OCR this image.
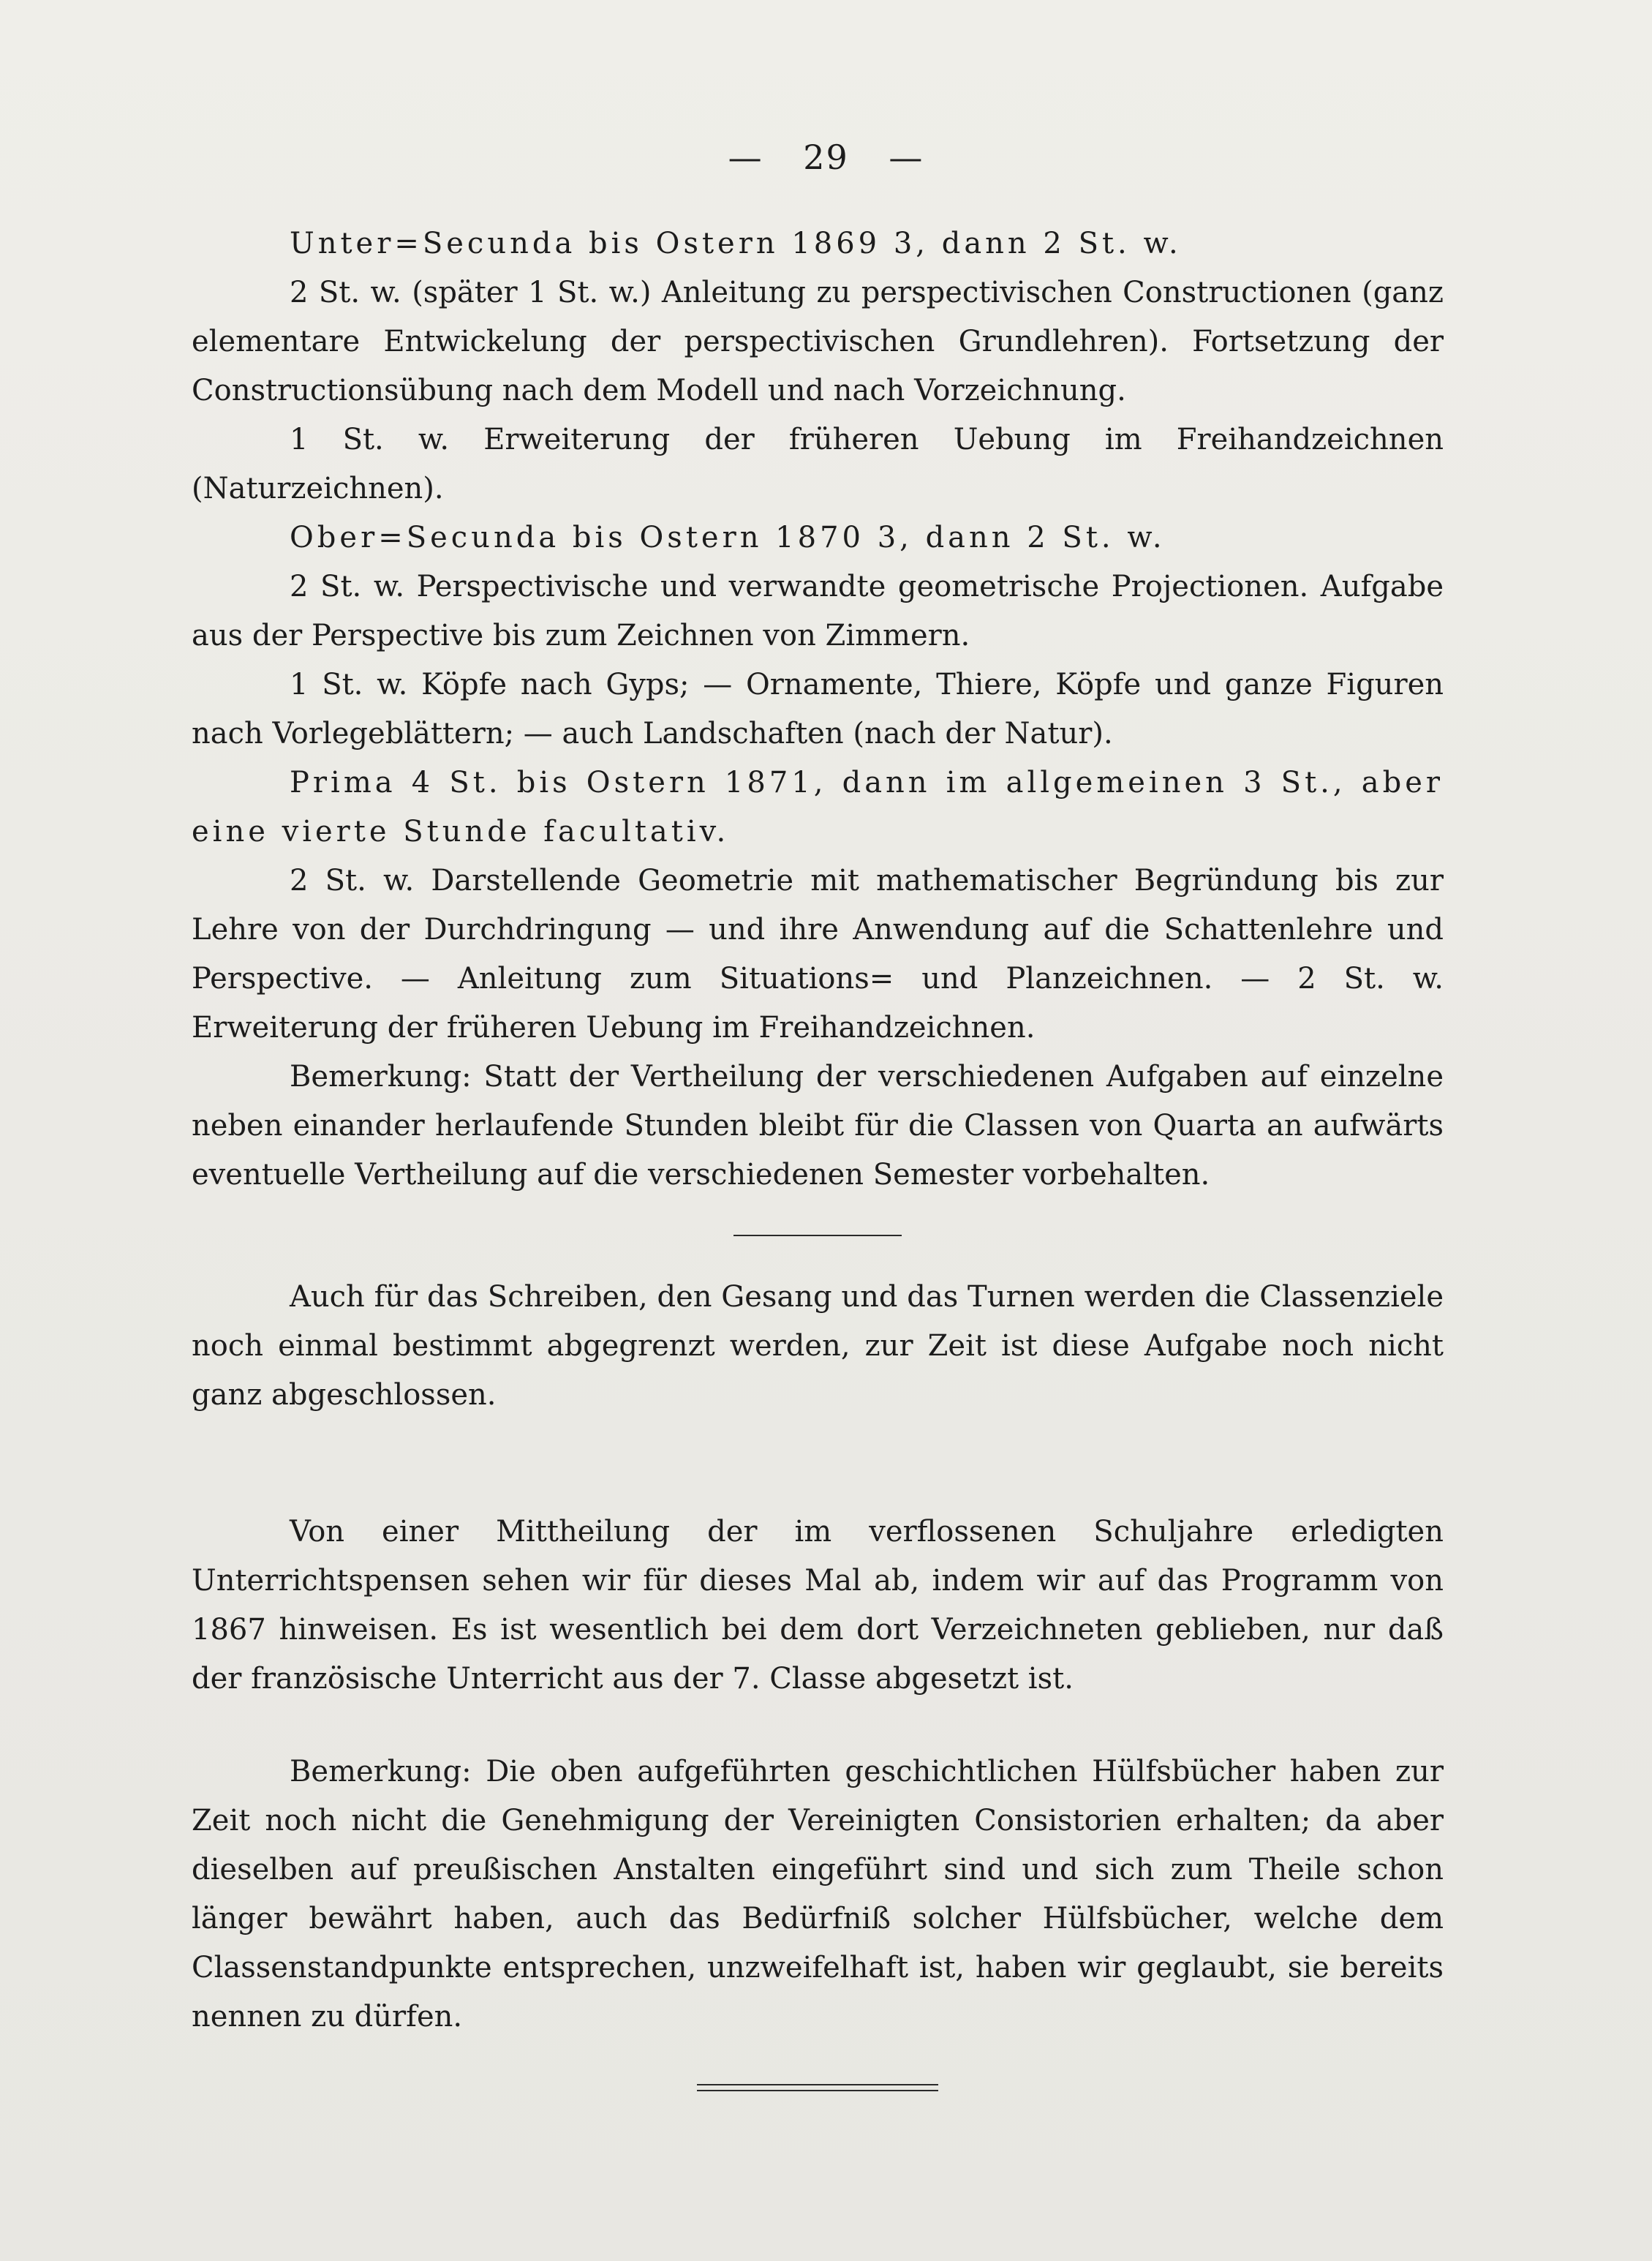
— 29 —

Unter=Secunda bis Ostern 1869 3, dann 2 St. w.

2 St. w. (später 1 St. w.) Anleitung zu perspectivischen Constructionen (ganz elementare Entwickelung der perspectivischen Grundlehren). Fortsetzung der Constructionsübung nach dem Modell und nach Vorzeichnung.

1 St. w. Erweiterung der früheren Uebung im Freihandzeichnen (Naturzeichnen).

Ober=Secunda bis Ostern 1870 3, dann 2 St. w.

2 St. w. Perspectivische und verwandte geometrische Projectionen. Aufgabe aus der Perspective bis zum Zeichnen von Zimmern.

1 St. w. Köpfe nach Gyps; — Ornamente, Thiere, Köpfe und ganze Figuren nach Vorlegeblättern; — auch Landschaften (nach der Natur).

Prima 4 St. bis Ostern 1871, dann im allgemeinen 3 St., aber eine vierte Stunde facultativ.

2 St. w. Darstellende Geometrie mit mathematischer Begründung bis zur Lehre von der Durchdringung — und ihre Anwendung auf die Schattenlehre und Perspective. — Anleitung zum Situations= und Planzeichnen. — 2 St. w. Erweiterung der früheren Uebung im Freihandzeichnen.

Bemerkung: Statt der Vertheilung der verschiedenen Aufgaben auf einzelne neben einander herlaufende Stunden bleibt für die Classen von Quarta an aufwärts eventuelle Vertheilung auf die verschiedenen Semester vorbehalten.

Auch für das Schreiben, den Gesang und das Turnen werden die Classenziele noch einmal bestimmt abgegrenzt werden, zur Zeit ist diese Aufgabe noch nicht ganz abgeschlossen.

Von einer Mittheilung der im verflossenen Schuljahre erledigten Unterrichtspensen sehen wir für dieses Mal ab, indem wir auf das Programm von 1867 hinweisen. Es ist wesentlich bei dem dort Verzeichneten geblieben, nur daß der französische Unterricht aus der 7. Classe abgesetzt ist.

Bemerkung: Die oben aufgeführten geschichtlichen Hülfsbücher haben zur Zeit noch nicht die Genehmigung der Vereinigten Consistorien erhalten; da aber dieselben auf preußischen Anstalten eingeführt sind und sich zum Theile schon länger bewährt haben, auch das Bedürfniß solcher Hülfsbücher, welche dem Classenstandpunkte entsprechen, unzweifelhaft ist, haben wir geglaubt, sie bereits nennen zu dürfen.
